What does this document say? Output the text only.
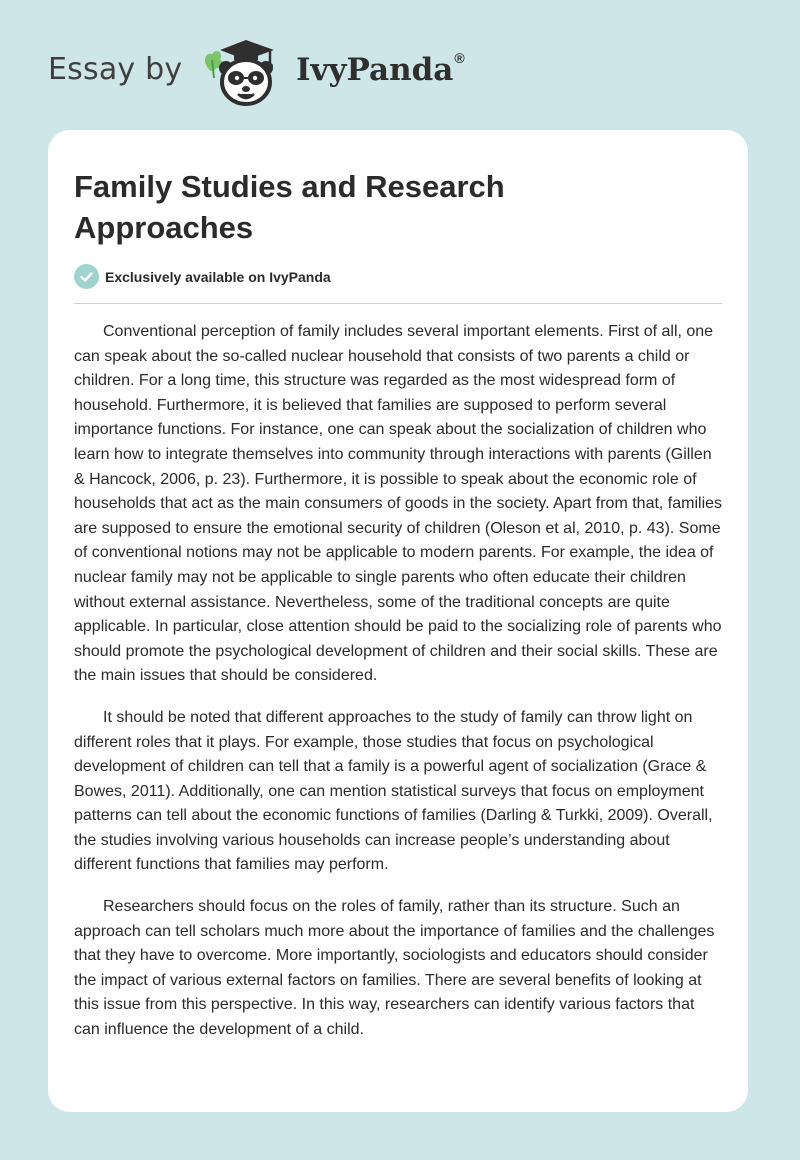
Essay by	IvyPanda®
Family Studies and Research Approaches
Exclusively available on IvyPanda

Conventional perception of family includes several important elements. First of all, one can speak about the so-called nuclear household that consists of two parents a child or children. For a long time, this structure was regarded as the most widespread form of household. Furthermore, it is believed that families are supposed to perform several importance functions. For instance, one can speak about the socialization of children who learn how to integrate themselves into community through interactions with parents (Gillen & Hancock, 2006, p. 23). Furthermore, it is possible to speak about the economic role of households that act as the main consumers of goods in the society. Apart from that, families are supposed to ensure the emotional security of children (Oleson et al, 2010, p. 43). Some of conventional notions may not be applicable to modern parents. For example, the idea of nuclear family may not be applicable to single parents who often educate their children without external assistance. Nevertheless, some of the traditional concepts are quite applicable. In particular, close attention should be paid to the socializing role of parents who should promote the psychological development of children and their social skills. These are the main issues that should be considered.

It should be noted that different approaches to the study of family can throw light on different roles that it plays. For example, those studies that focus on psychological development of children can tell that a family is a powerful agent of socialization (Grace & Bowes, 2011). Additionally, one can mention statistical surveys that focus on employment patterns can tell about the economic functions of families (Darling & Turkki, 2009). Overall, the studies involving various households can increase people’s understanding about different functions that families may perform.

Researchers should focus on the roles of family, rather than its structure. Such an approach can tell scholars much more about the importance of families and the challenges that they have to overcome. More importantly, sociologists and educators should consider the impact of various external factors on families. There are several benefits of looking at this issue from this perspective. In this way, researchers can identify various factors that can influence the development of a child.
